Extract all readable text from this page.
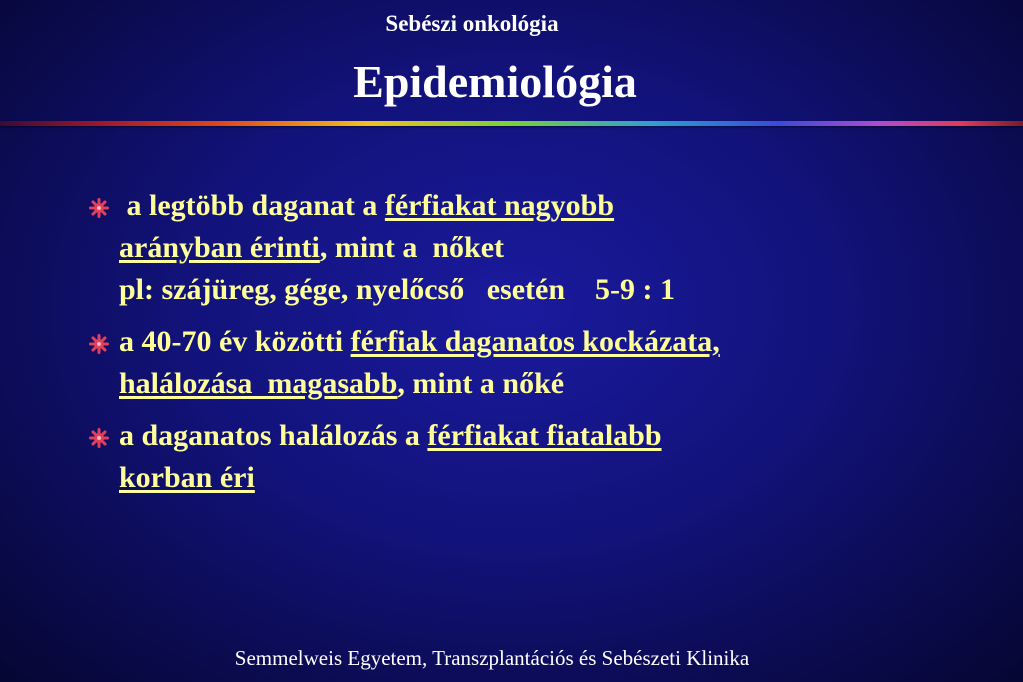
Sebészi onkológia
Epidemiológia
a legtöbb daganat a férfiakat nagyobb
arányban érinti, mint a  nőket
pl: szájüreg, gége, nyelőcső   esetén    5-9 : 1
a 40-70 év közötti férfiak daganatos kockázata,
halálozása  magasabb, mint a nőké
a daganatos halálozás a férfiakat fiatalabb
korban éri
Semmelweis Egyetem, Transzplantációs és Sebészeti Klinika
